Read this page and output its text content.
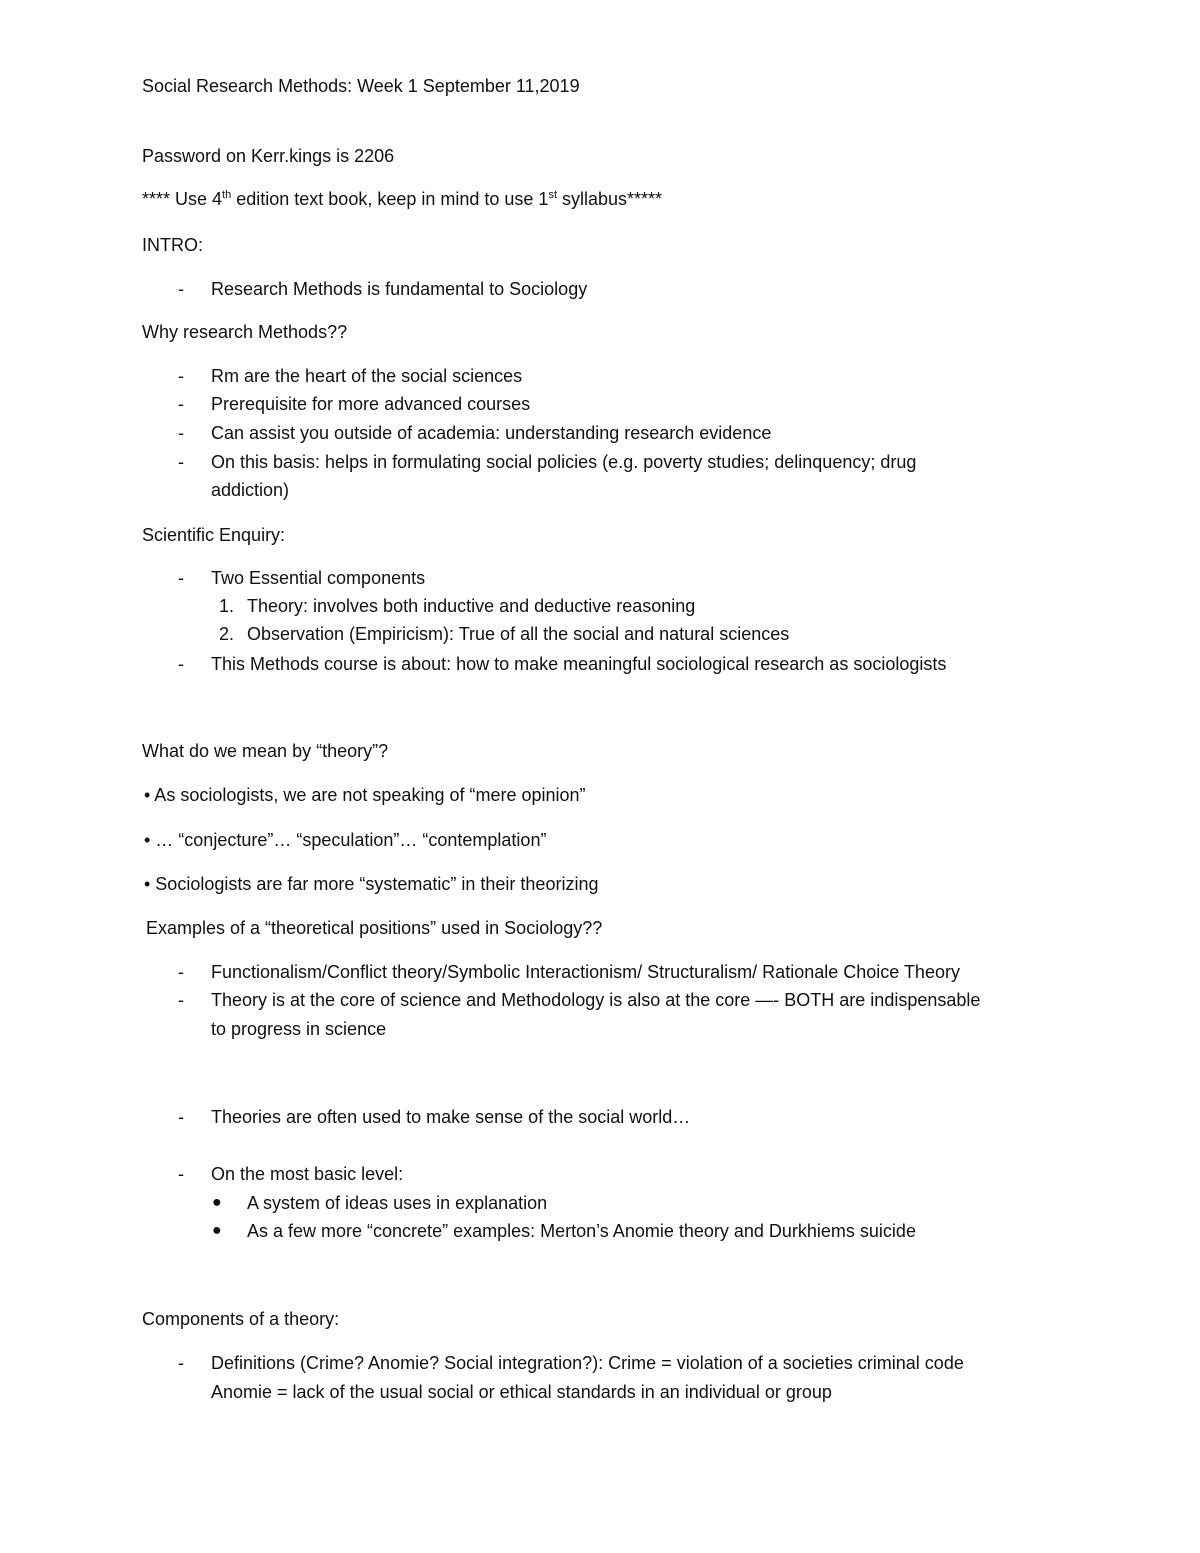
Social Research Methods: Week 1 September 11,2019
Password on Kerr.kings is 2206
**** Use 4th edition text book, keep in mind to use 1st syllabus*****
INTRO:
- Research Methods is fundamental to Sociology
Why research Methods??
- Rm are the heart of the social sciences
- Prerequisite for more advanced courses
- Can assist you outside of academia: understanding research evidence
- On this basis: helps in formulating social policies (e.g. poverty studies; delinquency; drug
addiction)
Scientific Enquiry:
- Two Essential components
1. Theory: involves both inductive and deductive reasoning
2. Observation (Empiricism): True of all the social and natural sciences
- This Methods course is about: how to make meaningful sociological research as sociologists
What do we mean by “theory”?
• As sociologists, we are not speaking of “mere opinion”
• … “conjecture”… “speculation”… “contemplation”
• Sociologists are far more “systematic” in their theorizing
Examples of a “theoretical positions” used in Sociology??
- Functionalism/Conflict theory/Symbolic Interactionism/ Structuralism/ Rationale Choice Theory
- Theory is at the core of science and Methodology is also at the core —- BOTH are indispensable
to progress in science
- Theories are often used to make sense of the social world…
- On the most basic level:
● A system of ideas uses in explanation
● As a few more “concrete” examples: Merton’s Anomie theory and Durkhiems suicide
Components of a theory:
- Definitions (Crime? Anomie? Social integration?): Crime = violation of a societies criminal code
Anomie = lack of the usual social or ethical standards in an individual or group
